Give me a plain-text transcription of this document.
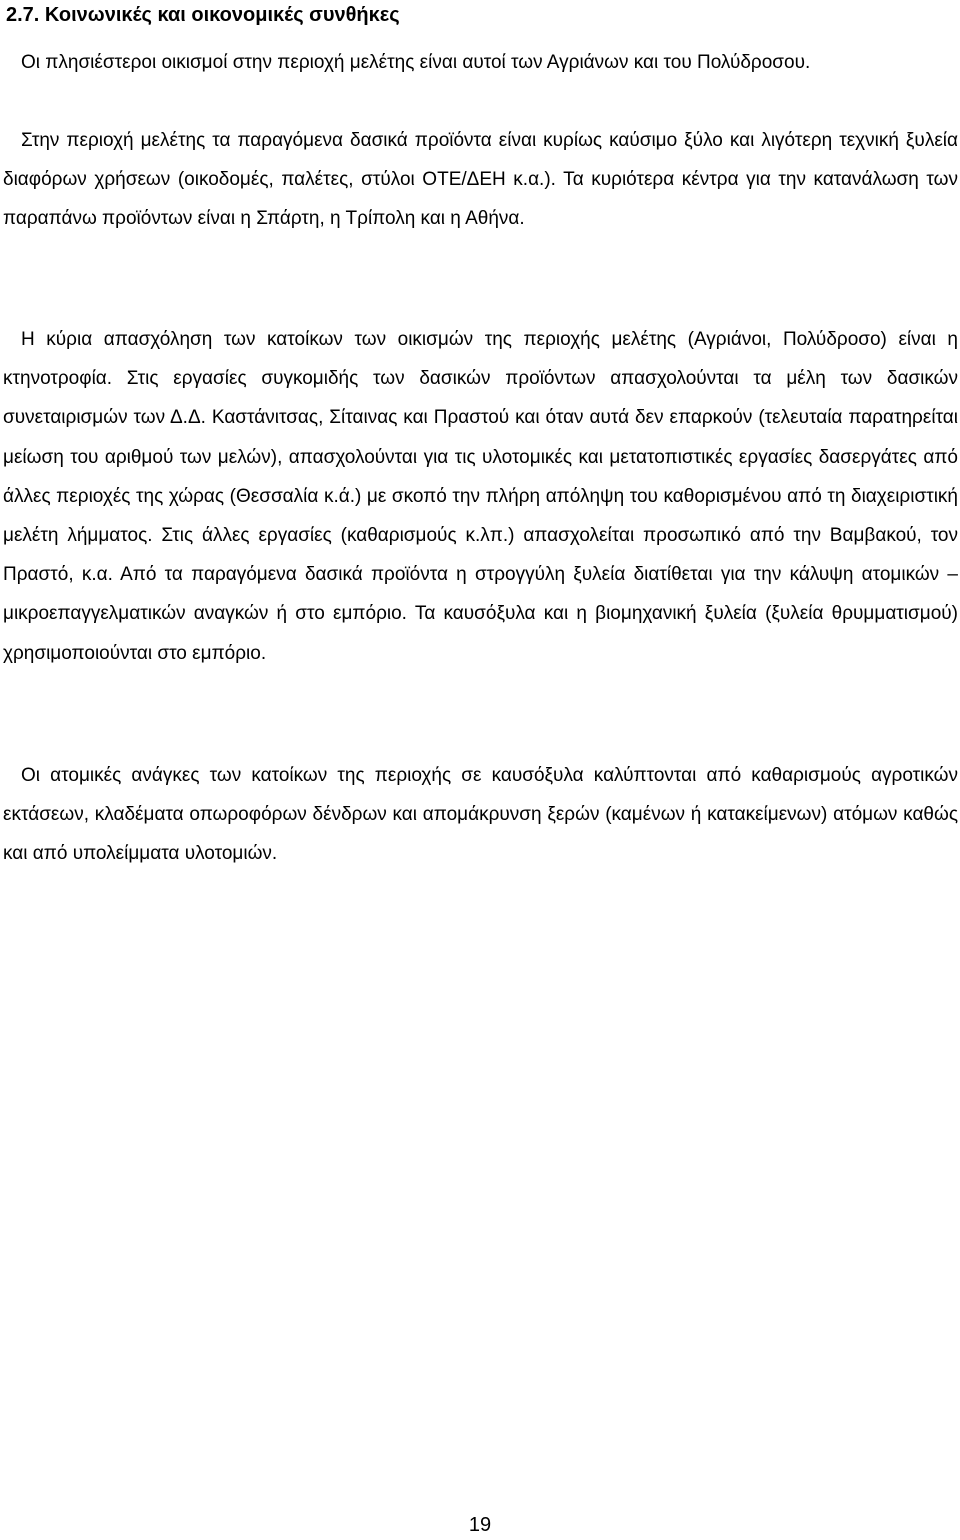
2.7. Κοινωνικές και οικονομικές συνθήκες

Οι πλησιέστεροι οικισμοί στην περιοχή μελέτης είναι αυτοί των Αγριάνων και του Πολύδροσου.

Στην περιοχή μελέτης τα παραγόμενα δασικά προϊόντα είναι κυρίως καύσιμο ξύλο και λιγότερη τεχνική ξυλεία διαφόρων χρήσεων (οικοδομές, παλέτες, στύλοι ΟΤΕ/ΔΕΗ κ.α.). Τα κυριότερα κέντρα για την κατανάλωση των παραπάνω προϊόντων είναι η Σπάρτη, η Τρίπολη και η Αθήνα.

Η κύρια απασχόληση των κατοίκων των οικισμών της περιοχής μελέτης (Αγριάνοι, Πολύδροσο) είναι η κτηνοτροφία. Στις εργασίες συγκομιδής των δασικών προϊόντων απασχολούνται τα μέλη των δασικών συνεταιρισμών των Δ.Δ. Καστάνιτσας, Σίταινας και Πραστού και όταν αυτά δεν επαρκούν (τελευταία παρατηρείται μείωση του αριθμού των μελών), απασχολούνται για τις υλοτομικές και μετατοπιστικές εργασίες δασεργάτες από άλλες περιοχές της χώρας (Θεσσαλία κ.ά.) με σκοπό την πλήρη απόληψη του καθορισμένου από τη διαχειριστική μελέτη λήμματος. Στις άλλες εργασίες (καθαρισμούς κ.λπ.) απασχολείται προσωπικό από την Βαμβακού, τον Πραστό, κ.α. Από τα παραγόμενα δασικά προϊόντα η στρογγύλη ξυλεία διατίθεται για την κάλυψη ατομικών – μικροεπαγγελματικών αναγκών ή στο εμπόριο. Τα καυσόξυλα και η βιομηχανική ξυλεία (ξυλεία θρυμματισμού) χρησιμοποιούνται στο εμπόριο.

Οι ατομικές ανάγκες των κατοίκων της περιοχής σε καυσόξυλα καλύπτονται από καθαρισμούς αγροτικών εκτάσεων, κλαδέματα οπωροφόρων δένδρων και απομάκρυνση ξερών (καμένων ή κατακείμενων) ατόμων καθώς και από υπολείμματα υλοτομιών.

19
